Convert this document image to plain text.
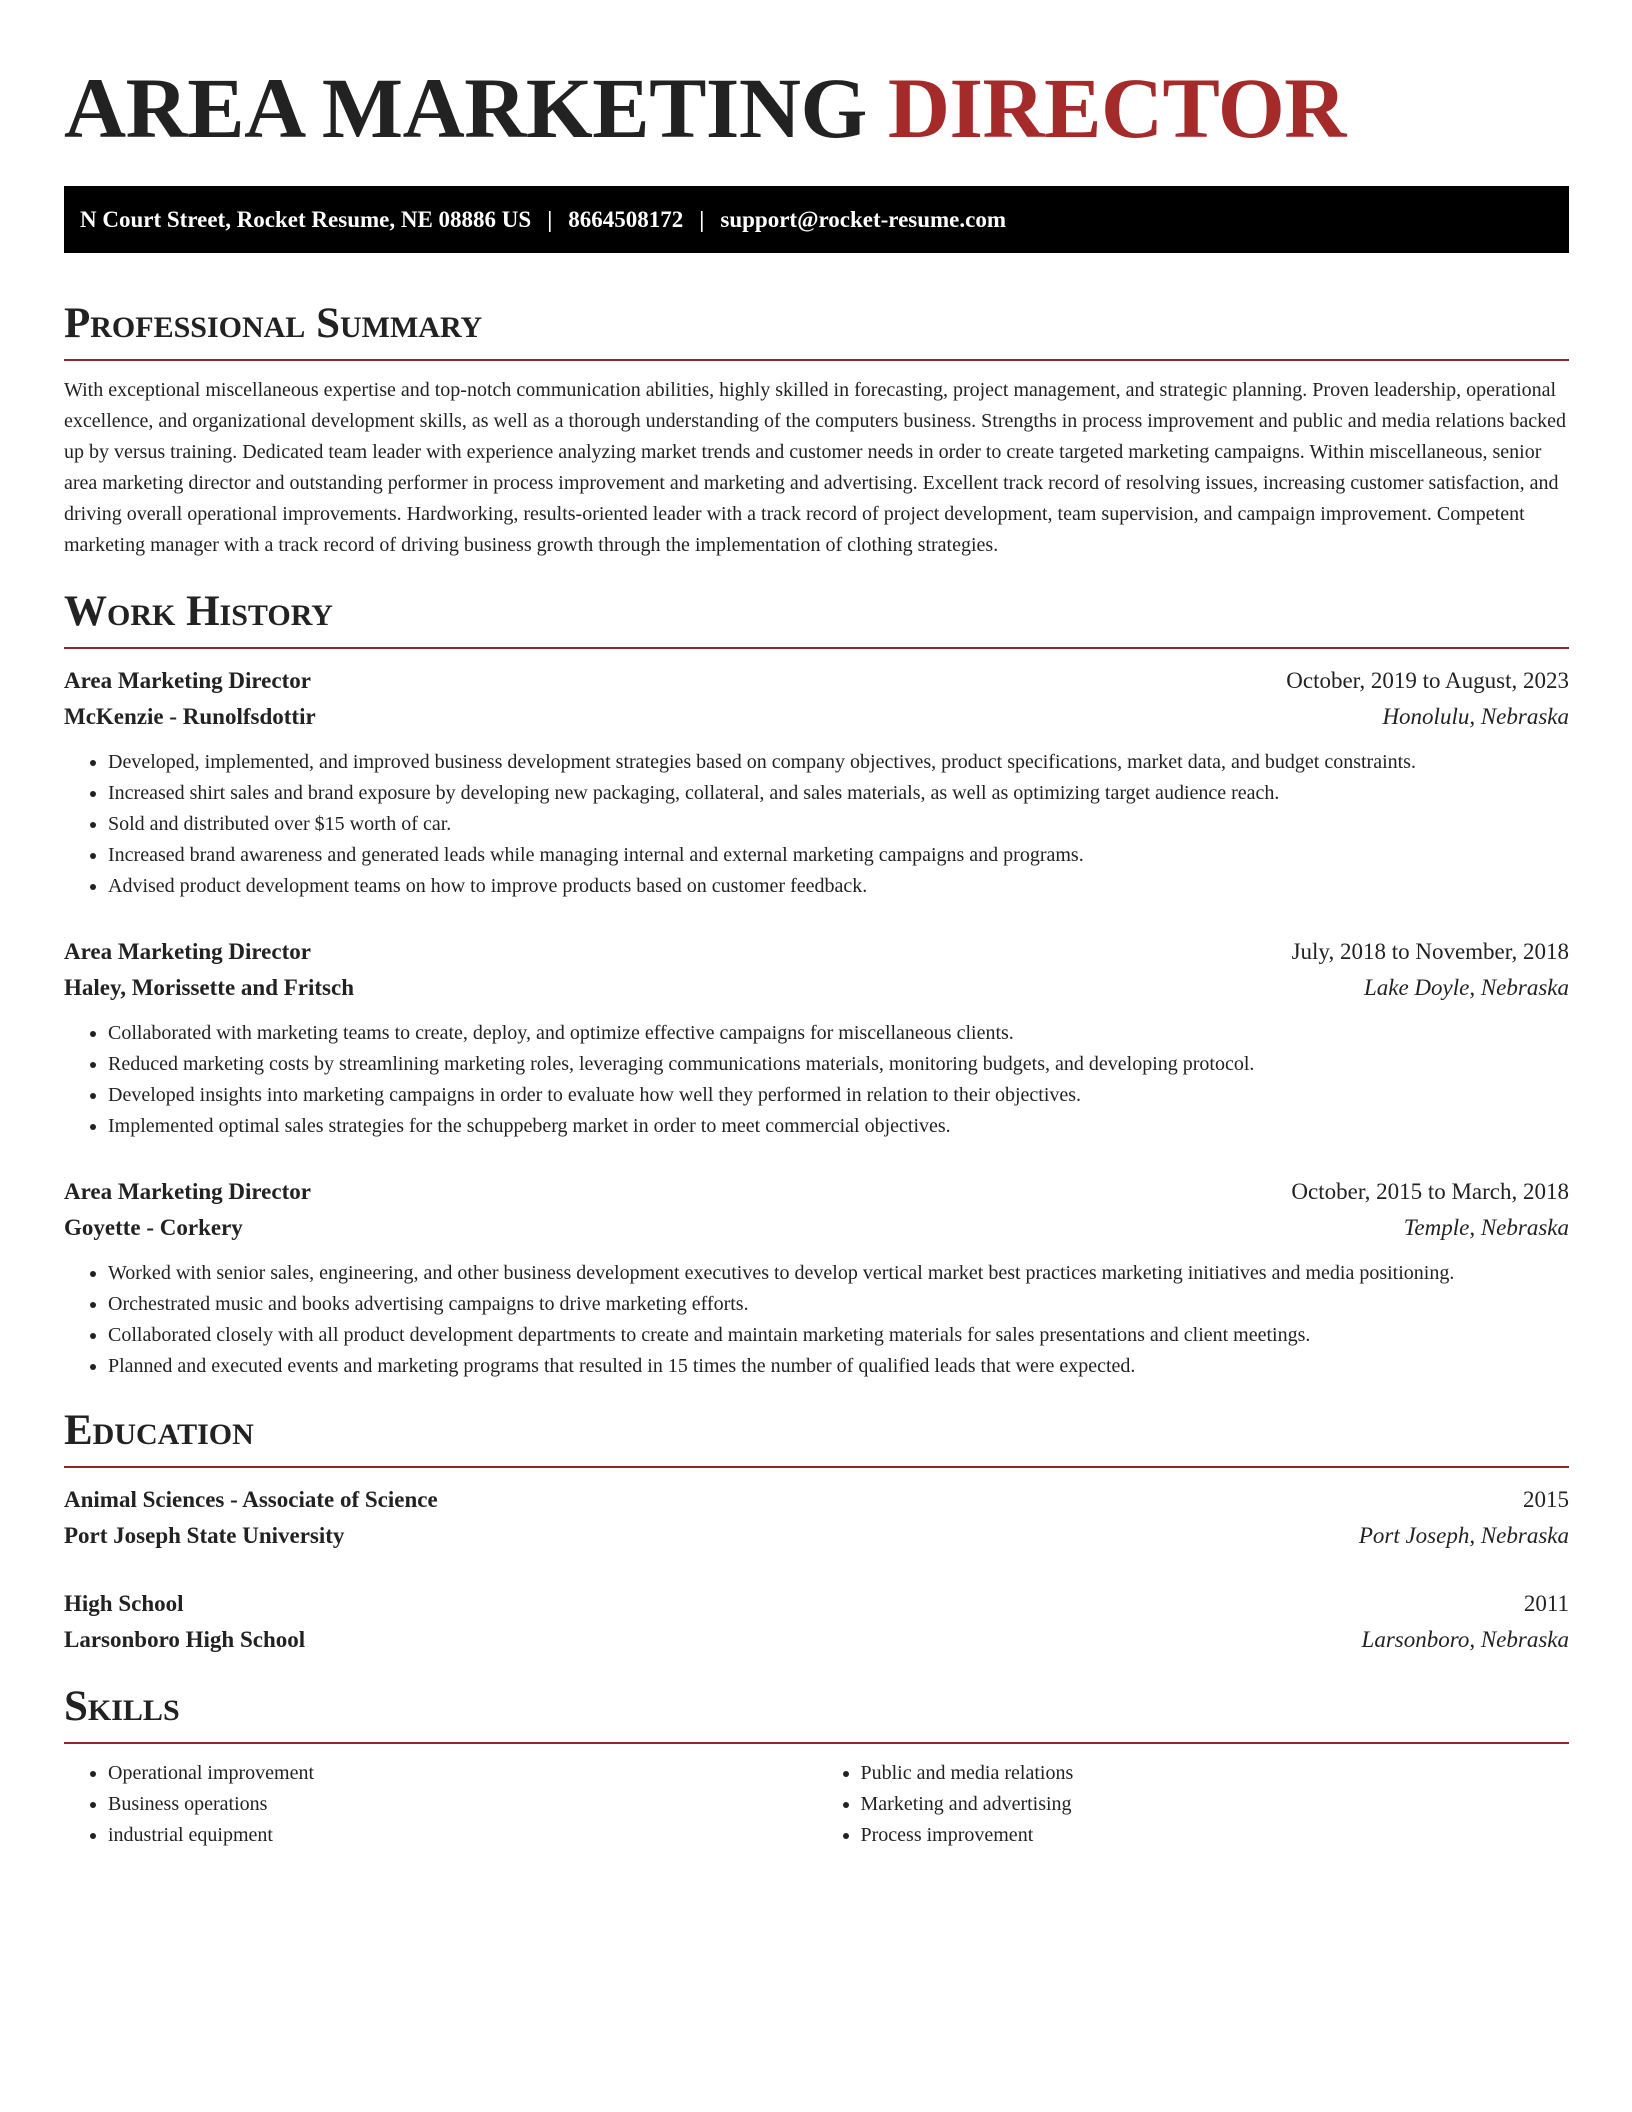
AREA MARKETING DIRECTOR
N Court Street, Rocket Resume, NE 08886 US | 8664508172 | support@rocket-resume.com
Professional Summary

With exceptional miscellaneous expertise and top-notch communication abilities, highly skilled in forecasting, project management, and strategic planning. Proven leadership, operational excellence, and organizational development skills, as well as a thorough understanding of the computers business. Strengths in process improvement and public and media relations backed up by versus training. Dedicated team leader with experience analyzing market trends and customer needs in order to create targeted marketing campaigns. Within miscellaneous, senior area marketing director and outstanding performer in process improvement and marketing and advertising. Excellent track record of resolving issues, increasing customer satisfaction, and driving overall operational improvements. Hardworking, results-oriented leader with a track record of project development, team supervision, and campaign improvement. Competent marketing manager with a track record of driving business growth through the implementation of clothing strategies.

Work History
Area Marketing Director	October, 2019 to August, 2023
McKenzie - Runolfsdottir	Honolulu, Nebraska
• Developed, implemented, and improved business development strategies based on company objectives, product specifications, market data, and budget constraints.
• Increased shirt sales and brand exposure by developing new packaging, collateral, and sales materials, as well as optimizing target audience reach.
• Sold and distributed over $15 worth of car.
• Increased brand awareness and generated leads while managing internal and external marketing campaigns and programs.
• Advised product development teams on how to improve products based on customer feedback.
Area Marketing Director	July, 2018 to November, 2018
Haley, Morissette and Fritsch	Lake Doyle, Nebraska
• Collaborated with marketing teams to create, deploy, and optimize effective campaigns for miscellaneous clients.
• Reduced marketing costs by streamlining marketing roles, leveraging communications materials, monitoring budgets, and developing protocol.
• Developed insights into marketing campaigns in order to evaluate how well they performed in relation to their objectives.
• Implemented optimal sales strategies for the schuppeberg market in order to meet commercial objectives.
Area Marketing Director	October, 2015 to March, 2018
Goyette - Corkery	Temple, Nebraska
• Worked with senior sales, engineering, and other business development executives to develop vertical market best practices marketing initiatives and media positioning.
• Orchestrated music and books advertising campaigns to drive marketing efforts.
• Collaborated closely with all product development departments to create and maintain marketing materials for sales presentations and client meetings.
• Planned and executed events and marketing programs that resulted in 15 times the number of qualified leads that were expected.
Education
Animal Sciences - Associate of Science	2015
Port Joseph State University	Port Joseph, Nebraska
High School	2011
Larsonboro High School	Larsonboro, Nebraska
Skills
• Operational improvement
• Business operations
• industrial equipment
• Public and media relations
• Marketing and advertising
• Process improvement
